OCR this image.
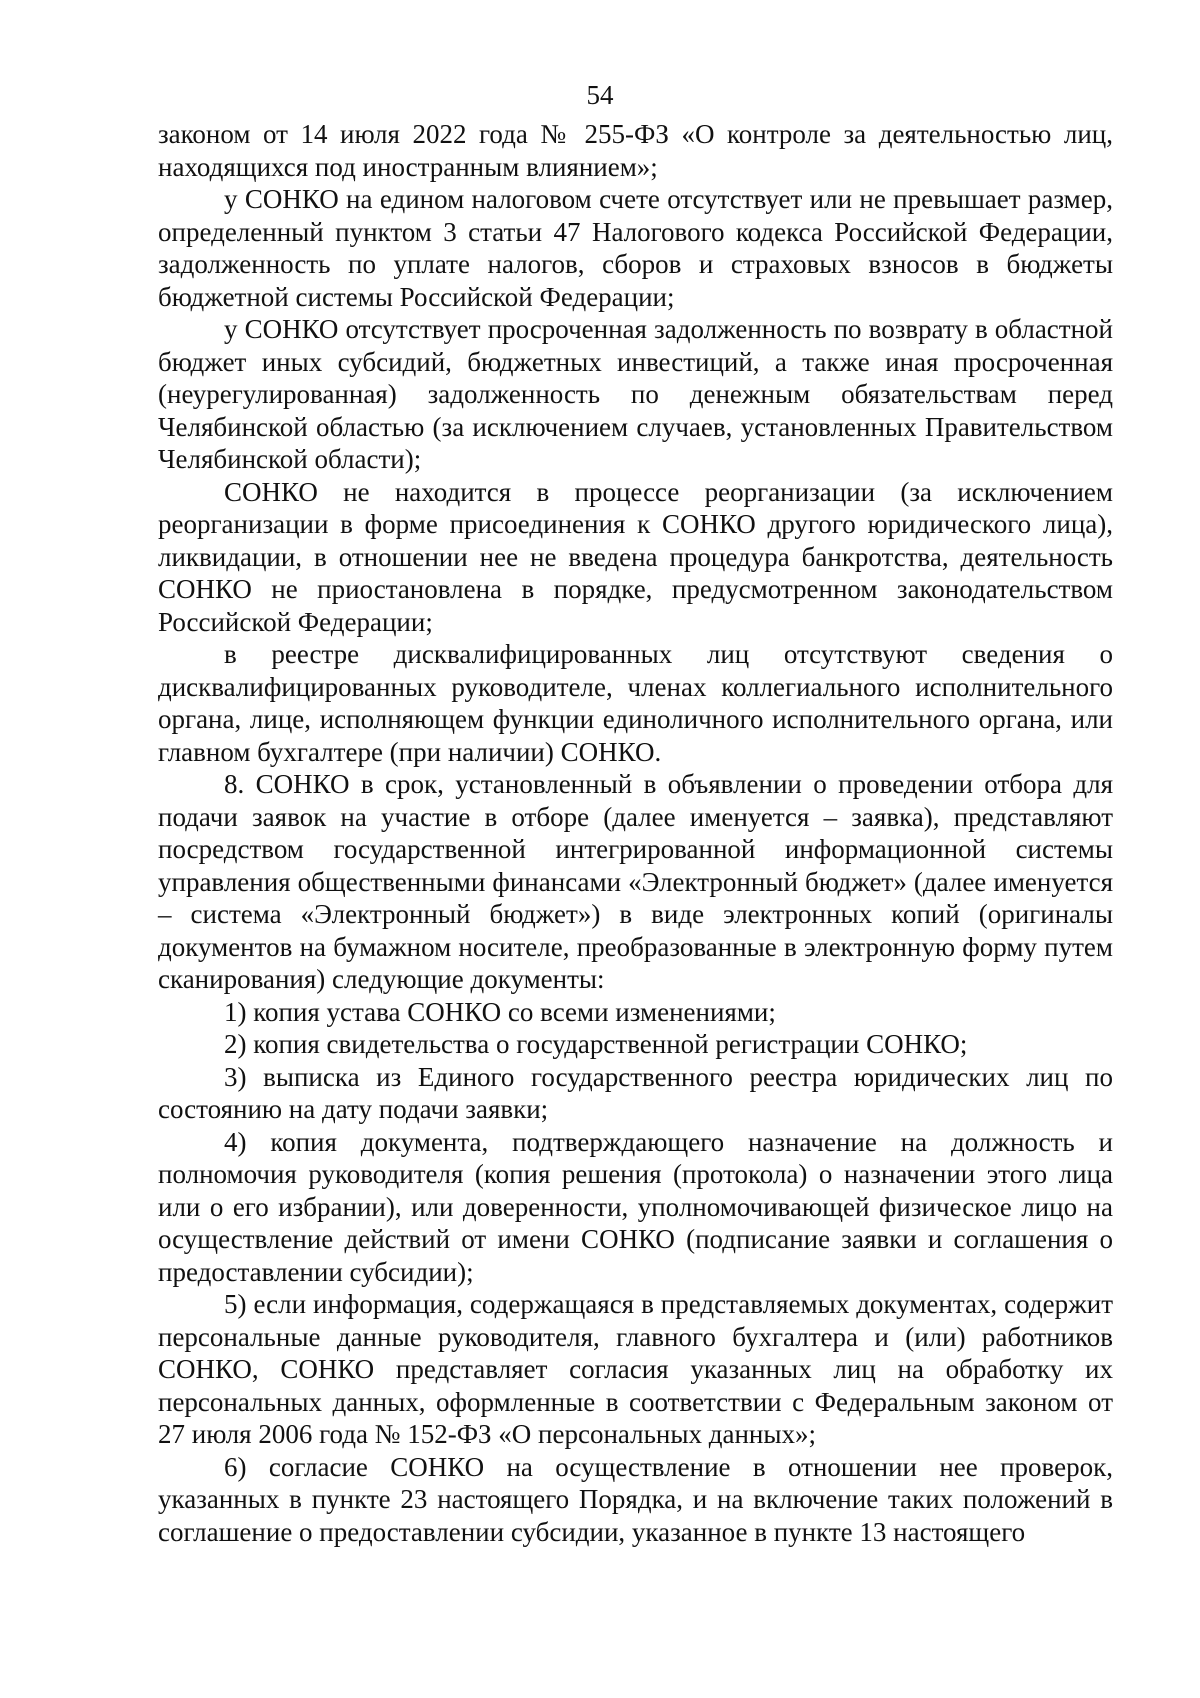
54

законом от 14 июля 2022 года № 255-ФЗ «О контроле за деятельностью лиц, находящихся под иностранным влиянием»;

у СОНКО на едином налоговом счете отсутствует или не превышает размер, определенный пунктом 3 статьи 47 Налогового кодекса Российской Федерации, задолженность по уплате налогов, сборов и страховых взносов в бюджеты бюджетной системы Российской Федерации;

у СОНКО отсутствует просроченная задолженность по возврату в областной бюджет иных субсидий, бюджетных инвестиций, а также иная просроченная (неурегулированная) задолженность по денежным обязательствам перед Челябинской областью (за исключением случаев, установленных Правительством Челябинской области);

СОНКО не находится в процессе реорганизации (за исключением реорганизации в форме присоединения к СОНКО другого юридического лица), ликвидации, в отношении нее не введена процедура банкротства, деятельность СОНКО не приостановлена в порядке, предусмотренном законодательством Российской Федерации;

в реестре дисквалифицированных лиц отсутствуют сведения о дисквалифицированных руководителе, членах коллегиального исполнительного органа, лице, исполняющем функции единоличного исполнительного органа, или главном бухгалтере (при наличии) СОНКО.

8. СОНКО в срок, установленный в объявлении о проведении отбора для подачи заявок на участие в отборе (далее именуется – заявка), представляют посредством государственной интегрированной информационной системы управления общественными финансами «Электронный бюджет» (далее именуется – система «Электронный бюджет») в виде электронных копий (оригиналы документов на бумажном носителе, преобразованные в электронную форму путем сканирования) следующие документы:

1) копия устава СОНКО со всеми изменениями;

2) копия свидетельства о государственной регистрации СОНКО;

3) выписка из Единого государственного реестра юридических лиц по состоянию на дату подачи заявки;

4) копия документа, подтверждающего назначение на должность и полномочия руководителя (копия решения (протокола) о назначении этого лица или о его избрании), или доверенности, уполномочивающей физическое лицо на осуществление действий от имени СОНКО (подписание заявки и соглашения о предоставлении субсидии);

5) если информация, содержащаяся в представляемых документах, содержит персональные данные руководителя, главного бухгалтера и (или) работников СОНКО, СОНКО представляет согласия указанных лиц на обработку их персональных данных, оформленные в соответствии с Федеральным законом от 27 июля 2006 года № 152-ФЗ «О персональных данных»;

6) согласие СОНКО на осуществление в отношении нее проверок, указанных в пункте 23 настоящего Порядка, и на включение таких положений в соглашение о предоставлении субсидии, указанное в пункте 13 настоящего
